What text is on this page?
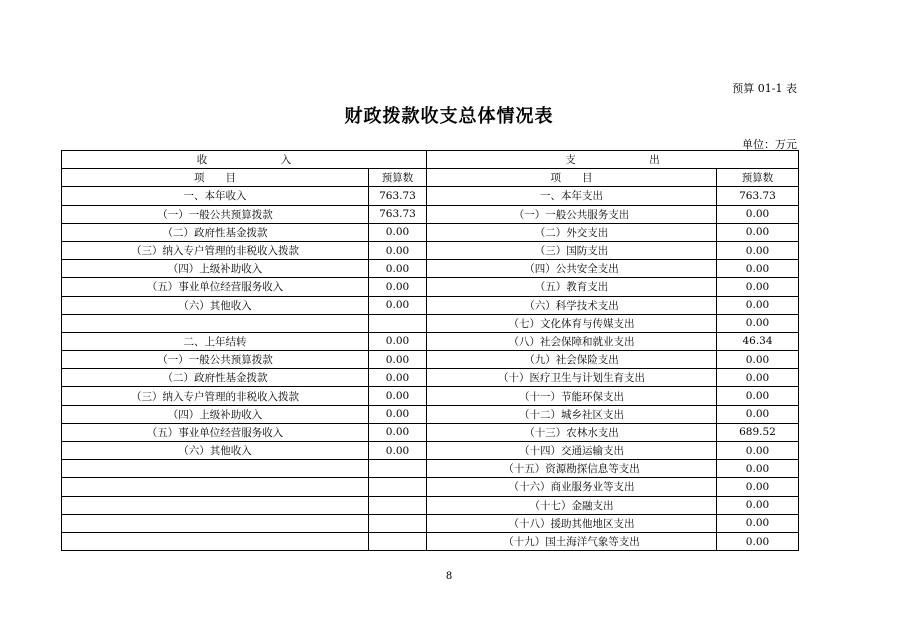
预算 01-1 表
财政拨款收支总体情况表
单位：万元
收　　　　　　　入		支　　　　　　　出	
项　　目	预算数	项　　目	预算数
一、本年收入	763.73	一、本年支出	763.73
（一）一般公共预算拨款	763.73	（一）一般公共服务支出	0.00
（二）政府性基金拨款	0.00	（二）外交支出	0.00
（三）纳入专户管理的非税收入拨款	0.00	（三）国防支出	0.00
（四）上级补助收入	0.00	（四）公共安全支出	0.00
（五）事业单位经营服务收入	0.00	（五）教育支出	0.00
（六）其他收入	0.00	（六）科学技术支出	0.00
		（七）文化体育与传媒支出	0.00
二、上年结转	0.00	（八）社会保障和就业支出	46.34
（一）一般公共预算拨款	0.00	（九）社会保险支出	0.00
（二）政府性基金拨款	0.00	（十）医疗卫生与计划生育支出	0.00
（三）纳入专户管理的非税收入拨款	0.00	（十一）节能环保支出	0.00
（四）上级补助收入	0.00	（十二）城乡社区支出	0.00
（五）事业单位经营服务收入	0.00	（十三）农林水支出	689.52
（六）其他收入	0.00	（十四）交通运输支出	0.00
		（十五）资源勘探信息等支出	0.00
		（十六）商业服务业等支出	0.00
		（十七）金融支出	0.00
		（十八）援助其他地区支出	0.00
		（十九）国土海洋气象等支出	0.00
8
